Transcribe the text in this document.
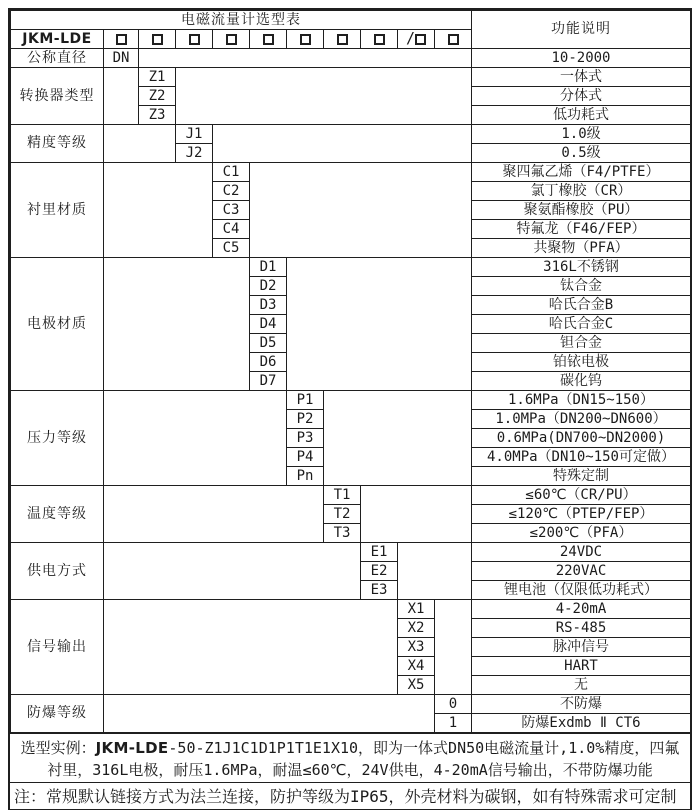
电磁流量计选型表											功能说明
JKM-LDE									/		
公称直径	DN										10-2000
转换器类型		Z1									一体式
		Z2									分体式
		Z3									低功耗式
精度等级			J1								1.0级
			J2								0.5级
衬里材质				C1							聚四氟乙烯（F4/PTFE）
				C2							氯丁橡胶（CR）
				C3							聚氨酯橡胶（PU）
				C4							特氟龙（F46/FEP）
				C5							共聚物（PFA）
电极材质					D1						316L不锈钢
					D2						钛合金
					D3						哈氏合金B
					D4						哈氏合金C
					D5						钽合金
					D6						铂铱电极
					D7						碳化钨
压力等级						P1					1.6MPa（DN15~150）
						P2					1.0MPa（DN200~DN600）
						P3					0.6MPa(DN700~DN2000)
						P4					4.0MPa（DN10~150可定做）
						Pn					特殊定制
温度等级							T1				≤60℃（CR/PU）
							T2				≤120℃（PTEP/FEP）
							T3				≤200℃（PFA）
供电方式								E1			24VDC
								E2			220VAC
								E3			锂电池（仅限低功耗式）
信号输出									X1		4-20mA
									X2		RS-485
									X3		脉冲信号
									X4		HART
									X5		无
防爆等级										0	不防爆
										1	防爆Exdmb Ⅱ CT6
选型实例：JKM-LDE-50-Z1J1C1D1P1T1E1X10，即为一体式DN50电磁流量计,1.0%精度，四氟衬里，316L电极，耐压1.6MPa，耐温≤60℃，24V供电，4-20mA信号输出，不带防爆功能
注：常规默认链接方式为法兰连接，防护等级为IP65，外壳材料为碳钢，如有特殊需求可定制
